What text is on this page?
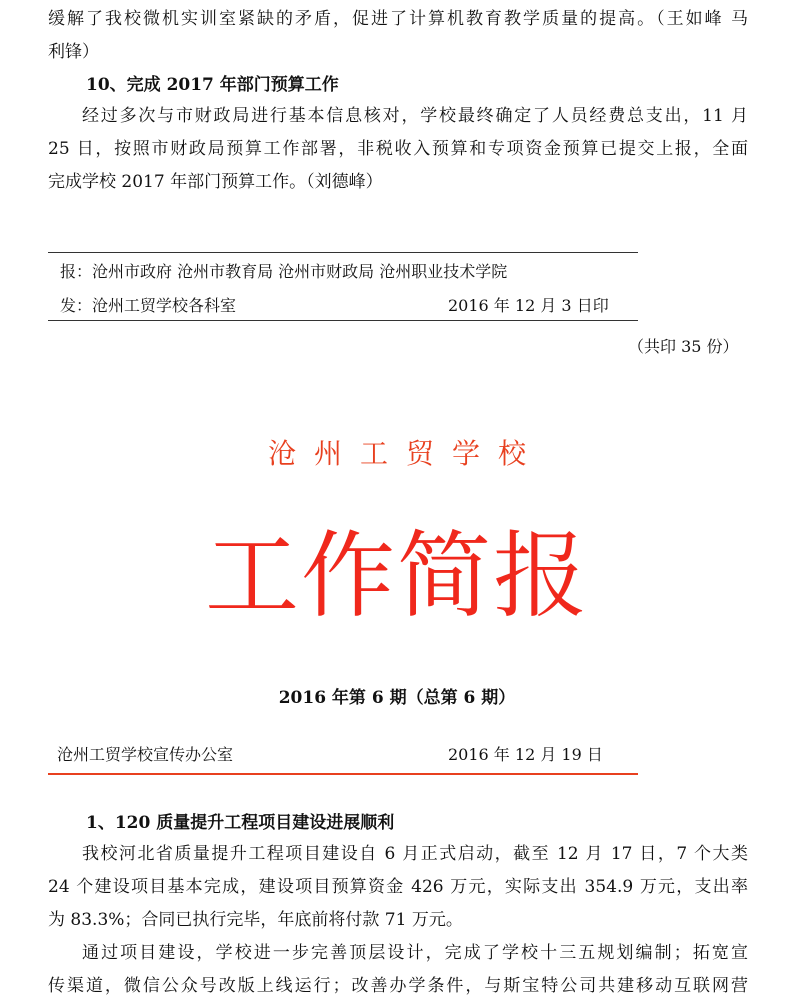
缓解了我校微机实训室紧缺的矛盾，促进了计算机教育教学质量的提高。（王如峰 马
利锋）
10、完成 2017 年部门预算工作
经过多次与市财政局进行基本信息核对，学校最终确定了人员经费总支出，11 月
25 日，按照市财政局预算工作部署，非税收入预算和专项资金预算已提交上报，全面
完成学校 2017 年部门预算工作。（刘德峰）
报：沧州市政府 沧州市教育局 沧州市财政局 沧州职业技术学院
发：沧州工贸学校各科室	2016 年 12 月 3 日印
（共印 35 份）
沧州工贸学校
工作简报
2016 年第 6 期（总第 6 期）
沧州工贸学校宣传办公室	2016 年 12 月 19 日
1、120 质量提升工程项目建设进展顺利
我校河北省质量提升工程项目建设自 6 月正式启动，截至 12 月 17 日，7 个大类
24 个建设项目基本完成，建设项目预算资金 426 万元，实际支出 354.9 万元，支出率
为 83.3%；合同已执行完毕，年底前将付款 71 万元。
通过项目建设，学校进一步完善顶层设计，完成了学校十三五规划编制；拓宽宣
传渠道，微信公众号改版上线运行；改善办学条件，与斯宝特公司共建移动互联网营
